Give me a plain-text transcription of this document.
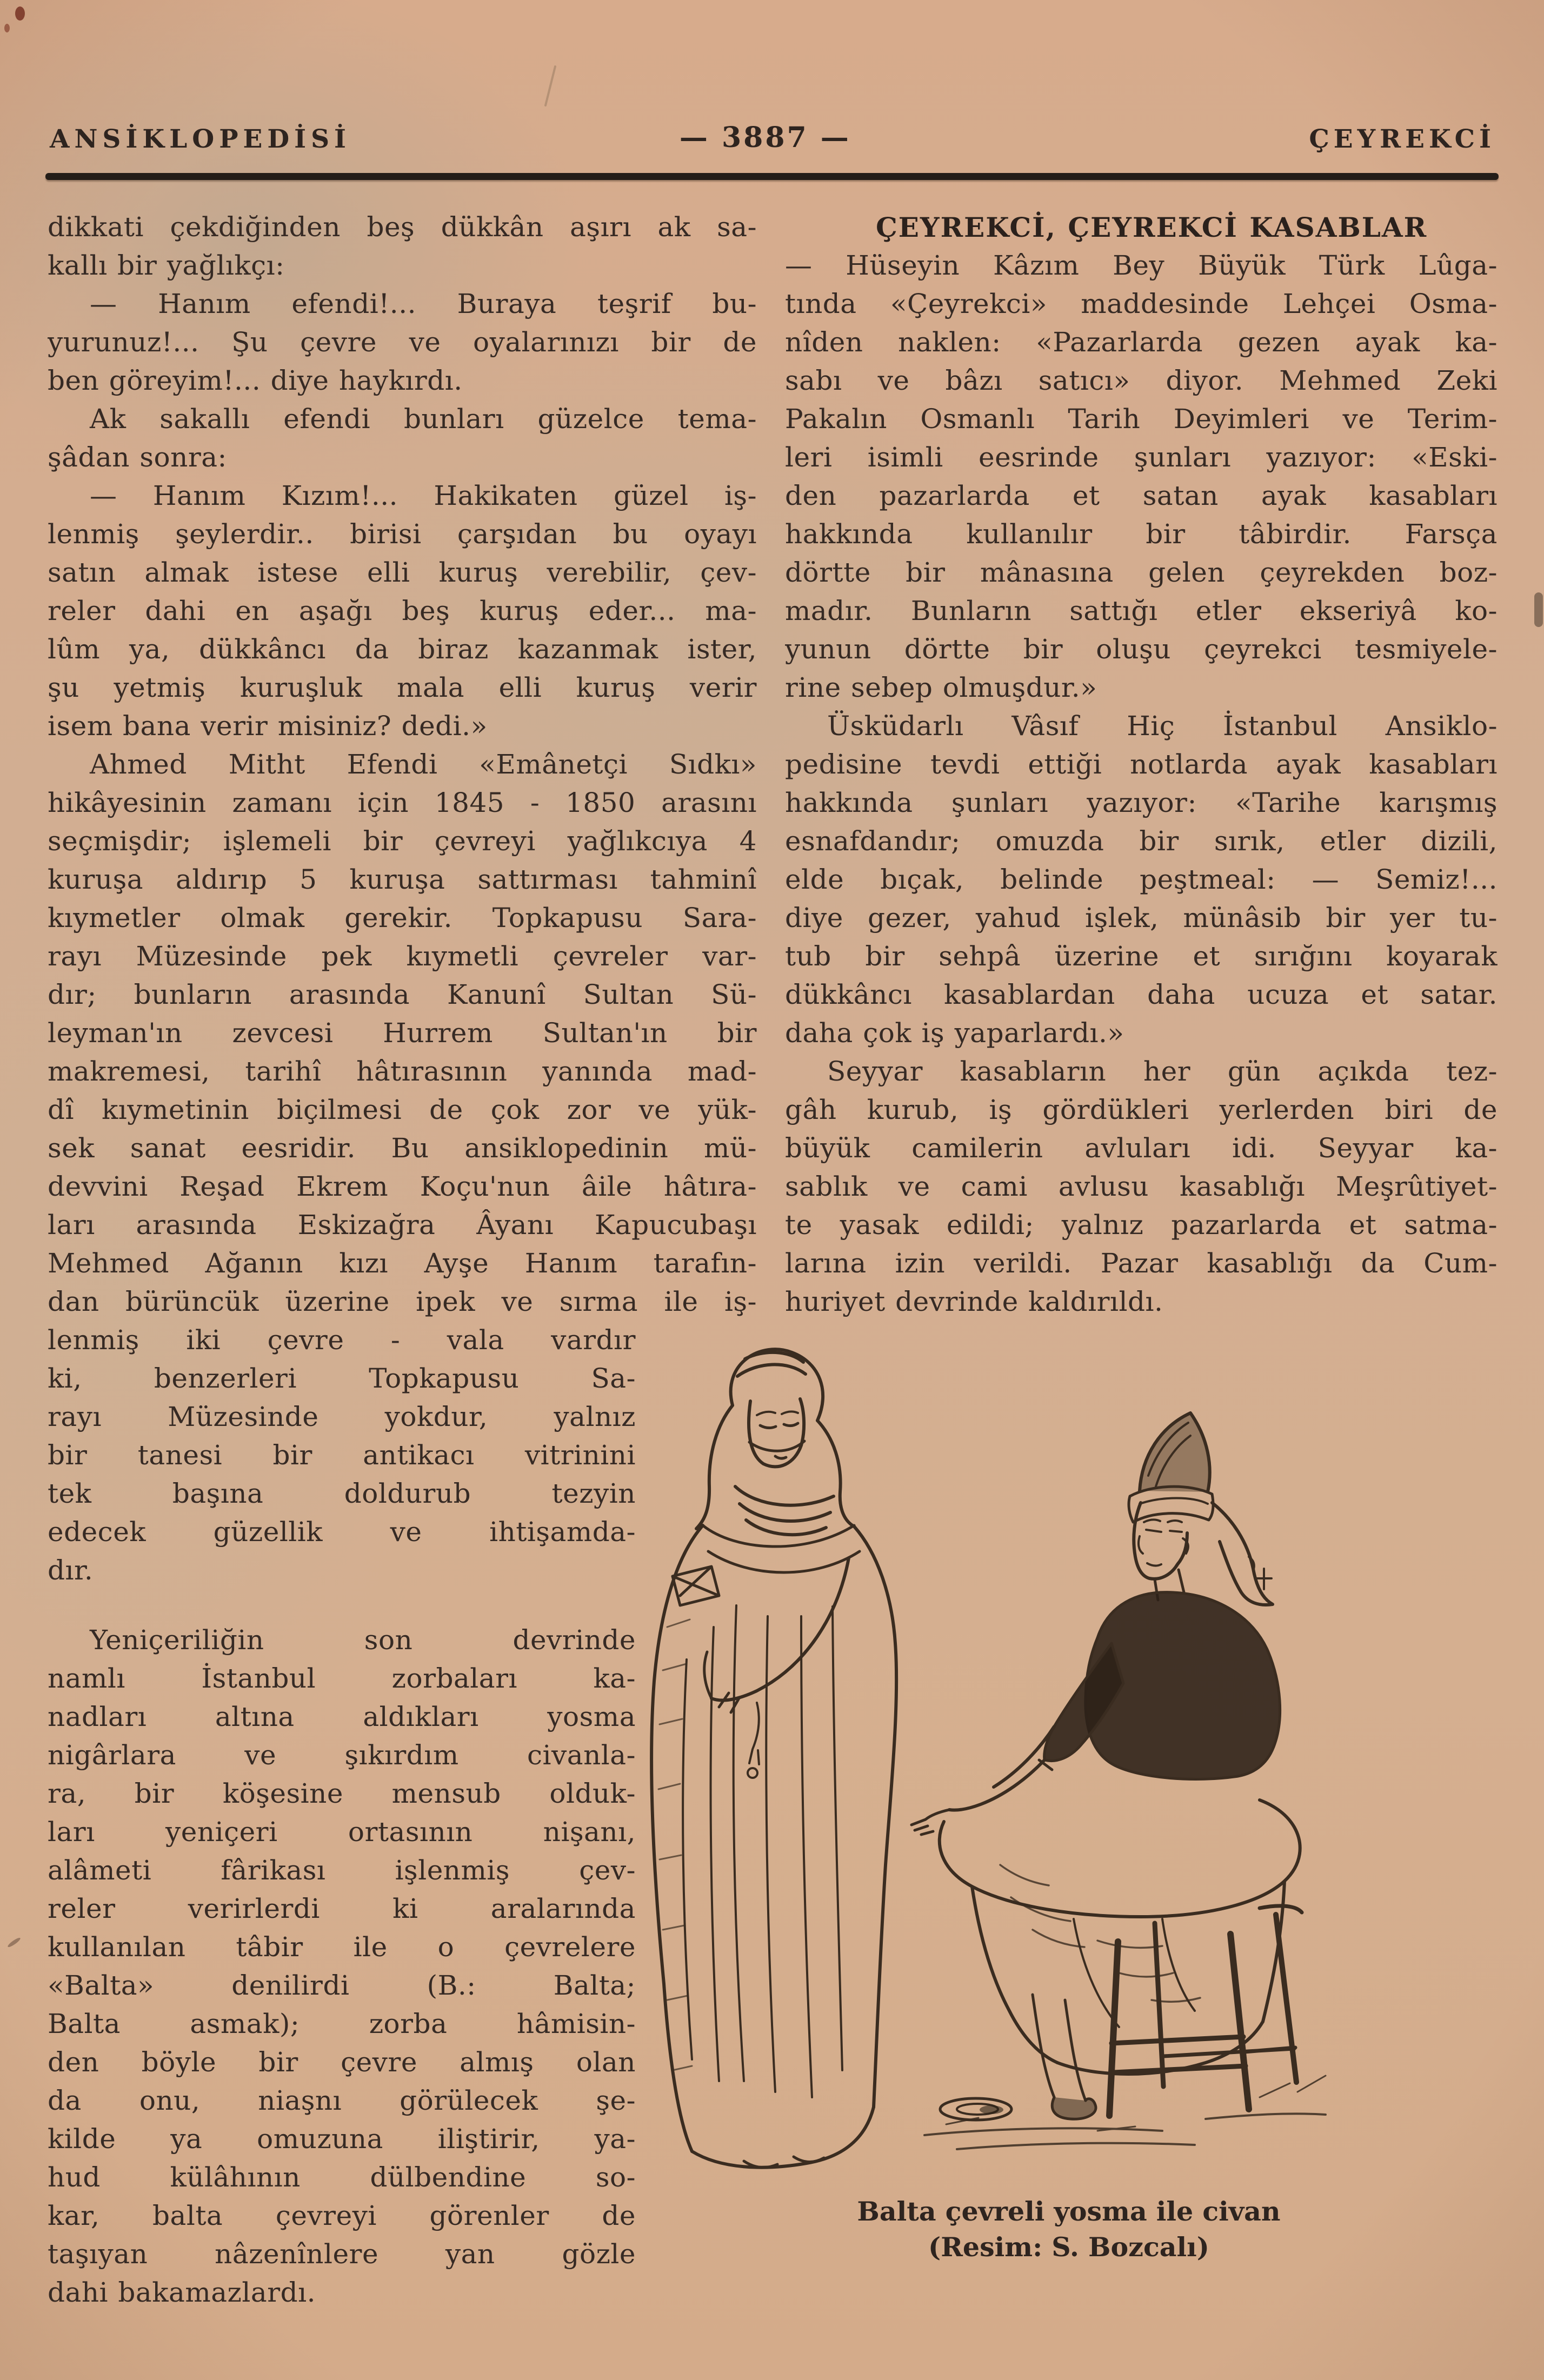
ANSİKLOPEDİSİ	— 3887 —	ÇEYREKCİ
dikkati çekdiğinden beş dükkân aşırı ak sa-
kallı bir yağlıkçı:
— Hanım efendi!... Buraya teşrif bu-
yurunuz!... Şu çevre ve oyalarınızı bir de
ben göreyim!... diye haykırdı.
Ak sakallı efendi bunları güzelce tema-
şâdan sonra:
— Hanım Kızım!... Hakikaten güzel iş-
lenmiş şeylerdir.. birisi çarşıdan bu oyayı
satın almak istese elli kuruş verebilir, çev-
reler dahi en aşağı beş kuruş eder... ma-
lûm ya, dükkâncı da biraz kazanmak ister,
şu yetmiş kuruşluk mala elli kuruş verir
isem bana verir misiniz? dedi.»
Ahmed Mitht Efendi «Emânetçi Sıdkı»
hikâyesinin zamanı için 1845 - 1850 arasını
seçmişdir; işlemeli bir çevreyi yağlıkcıya 4
kuruşa aldırıp 5 kuruşa sattırması tahminî
kıymetler olmak gerekir. Topkapusu Sara-
rayı Müzesinde pek kıymetli çevreler var-
dır; bunların arasında Kanunî Sultan Sü-
leyman'ın zevcesi Hurrem Sultan'ın bir
makremesi, tarihî hâtırasının yanında mad-
dî kıymetinin biçilmesi de çok zor ve yük-
sek sanat eesridir. Bu ansiklopedinin mü-
devvini Reşad Ekrem Koçu'nun âile hâtıra-
ları arasında Eskizağra Âyanı Kapucubaşı
Mehmed Ağanın kızı Ayşe Hanım tarafın-
dan bürüncük üzerine ipek ve sırma ile iş-
lenmiş iki çevre - vala vardır
ki, benzerleri Topkapusu Sa-
rayı Müzesinde yokdur, yalnız
bir tanesi bir antikacı vitrinini
tek başına doldurub tezyin
edecek güzellik ve ihtişamda-
dır.
Yeniçeriliğin son devrinde
namlı İstanbul zorbaları ka-
nadları altına aldıkları yosma
nigârlara ve şıkırdım civanla-
ra, bir köşesine mensub olduk-
ları yeniçeri ortasının nişanı,
alâmeti fârikası işlenmiş çev-
reler verirlerdi ki aralarında
kullanılan tâbir ile o çevrelere
«Balta» denilirdi (B.: Balta;
Balta asmak); zorba hâmisin-
den böyle bir çevre almış olan
da onu, niaşnı görülecek şe-
kilde ya omuzuna iliştirir, ya-
hud külâhının dülbendine so-
kar, balta çevreyi görenler de
taşıyan nâzenînlere yan gözle
dahi bakamazlardı.
ÇEYREKCİ, ÇEYREKCİ KASABLAR
— Hüseyin Kâzım Bey Büyük Türk Lûga-
tında «Çeyrekci» maddesinde Lehçei Osma-
nîden naklen: «Pazarlarda gezen ayak ka-
sabı ve bâzı satıcı» diyor. Mehmed Zeki
Pakalın Osmanlı Tarih Deyimleri ve Terim-
leri isimli eesrinde şunları yazıyor: «Eski-
den pazarlarda et satan ayak kasabları
hakkında kullanılır bir tâbirdir. Farsça
dörtte bir mânasına gelen çeyrekden boz-
madır. Bunların sattığı etler ekseriyâ ko-
yunun dörtte bir oluşu çeyrekci tesmiyele-
rine sebep olmuşdur.»
Üsküdarlı Vâsıf Hiç İstanbul Ansiklo-
pedisine tevdi ettiği notlarda ayak kasabları
hakkında şunları yazıyor: «Tarihe karışmış
esnafdandır; omuzda bir sırık, etler dizili,
elde bıçak, belinde peştmeal: — Semiz!...
diye gezer, yahud işlek, münâsib bir yer tu-
tub bir sehpâ üzerine et sırığını koyarak
dükkâncı kasablardan daha ucuza et satar.
daha çok iş yaparlardı.»
Seyyar kasabların her gün açıkda tez-
gâh kurub, iş gördükleri yerlerden biri de
büyük camilerin avluları idi. Seyyar ka-
sablık ve cami avlusu kasablığı Meşrûtiyet-
te yasak edildi; yalnız pazarlarda et satma-
larına izin verildi. Pazar kasablığı da Cum-
huriyet devrinde kaldırıldı.
Balta çevreli yosma ile civan
(Resim: S. Bozcalı)
